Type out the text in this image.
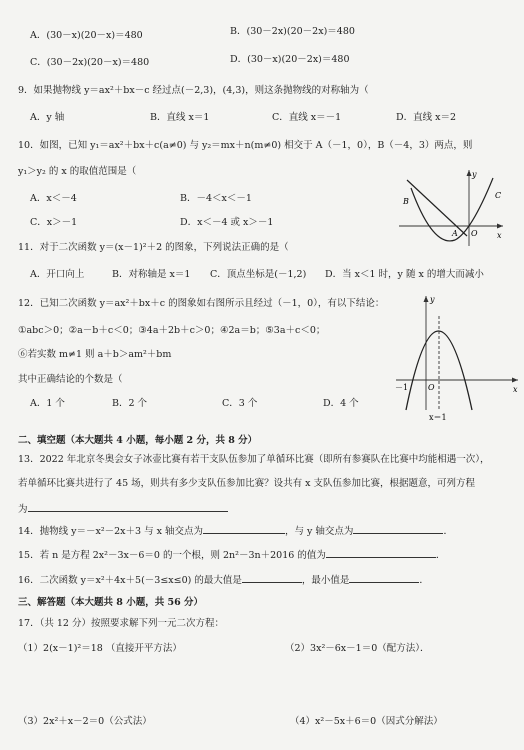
A．(30－x)(20－x)＝480	B．(30－2x)(20－2x)＝480
C．(30－2x)(20－x)＝480	D．(30－x)(20－2x)＝480
9．如果抛物线 y＝ax²＋bx－c 经过点(－2,3)，(4,3)，则这条抛物线的对称轴为（
A．y 轴	B．直线 x＝1	C．直线 x＝－1	D．直线 x＝2
10．如图，已知 y₁＝ax²＋bx＋c(a≠0) 与 y₂＝mx＋n(m≠0) 相交于 A（－1，0），B（－4，3）两点，则
y₁＞y₂ 的 x 的取值范围是（
A．x＜－4	B．－4＜x＜－1
C．x＞－1	D．x＜－4 或 x＞－1
B
A O
C
x
y
11．对于二次函数 y＝(x－1)²＋2 的图象，下列说法正确的是（
A．开口向上	B．对称轴是 x＝1 C．顶点坐标是(－1,2) D．当 x＜1 时，y 随 x 的增大而减小
12．已知二次函数 y＝ax²＋bx＋c 的图象如右图所示且经过（－1，0），有以下结论：
①abc＞0；②a－b＋c＜0；③4a＋2b＋c＞0；④2a＝b；⑤3a＋c＜0；
⑥若实数 m≠1 则 a＋b＞am²＋bm
其中正确结论的个数是（
A．1 个	B．2 个	C．3 个	D．4 个
y
x
－1 O
x＝1
二、填空题（本大题共 4 小题，每小题 2 分，共 8 分）
13．2022 年北京冬奥会女子冰壶比赛有若干支队伍参加了单循环比赛（即所有参赛队在比赛中均能相遇一次），
若单循环比赛共进行了 45 场，则共有多少支队伍参加比赛？设共有 x 支队伍参加比赛，根据题意，可列方程
为
14．抛物线 y＝－x²－2x＋3 与 x 轴交点为	，与 y 轴交点为	．
15．若 n 是方程 2x²－3x－6＝0 的一个根，则 2n²－3n＋2016 的值为	．
16．二次函数 y＝x²＋4x＋5(－3≤x≤0) 的最大值是	，最小值是	．
三、解答题（本大题共 8 小题，共 56 分）
17．（共 12 分）按照要求解下列一元二次方程：
（1）2(x－1)²＝18 （直接开平方法）	（2）3x²－6x－1＝0（配方法）．
（3）2x²＋x－2＝0（公式法）	（4）x²－5x＋6＝0（因式分解法）
